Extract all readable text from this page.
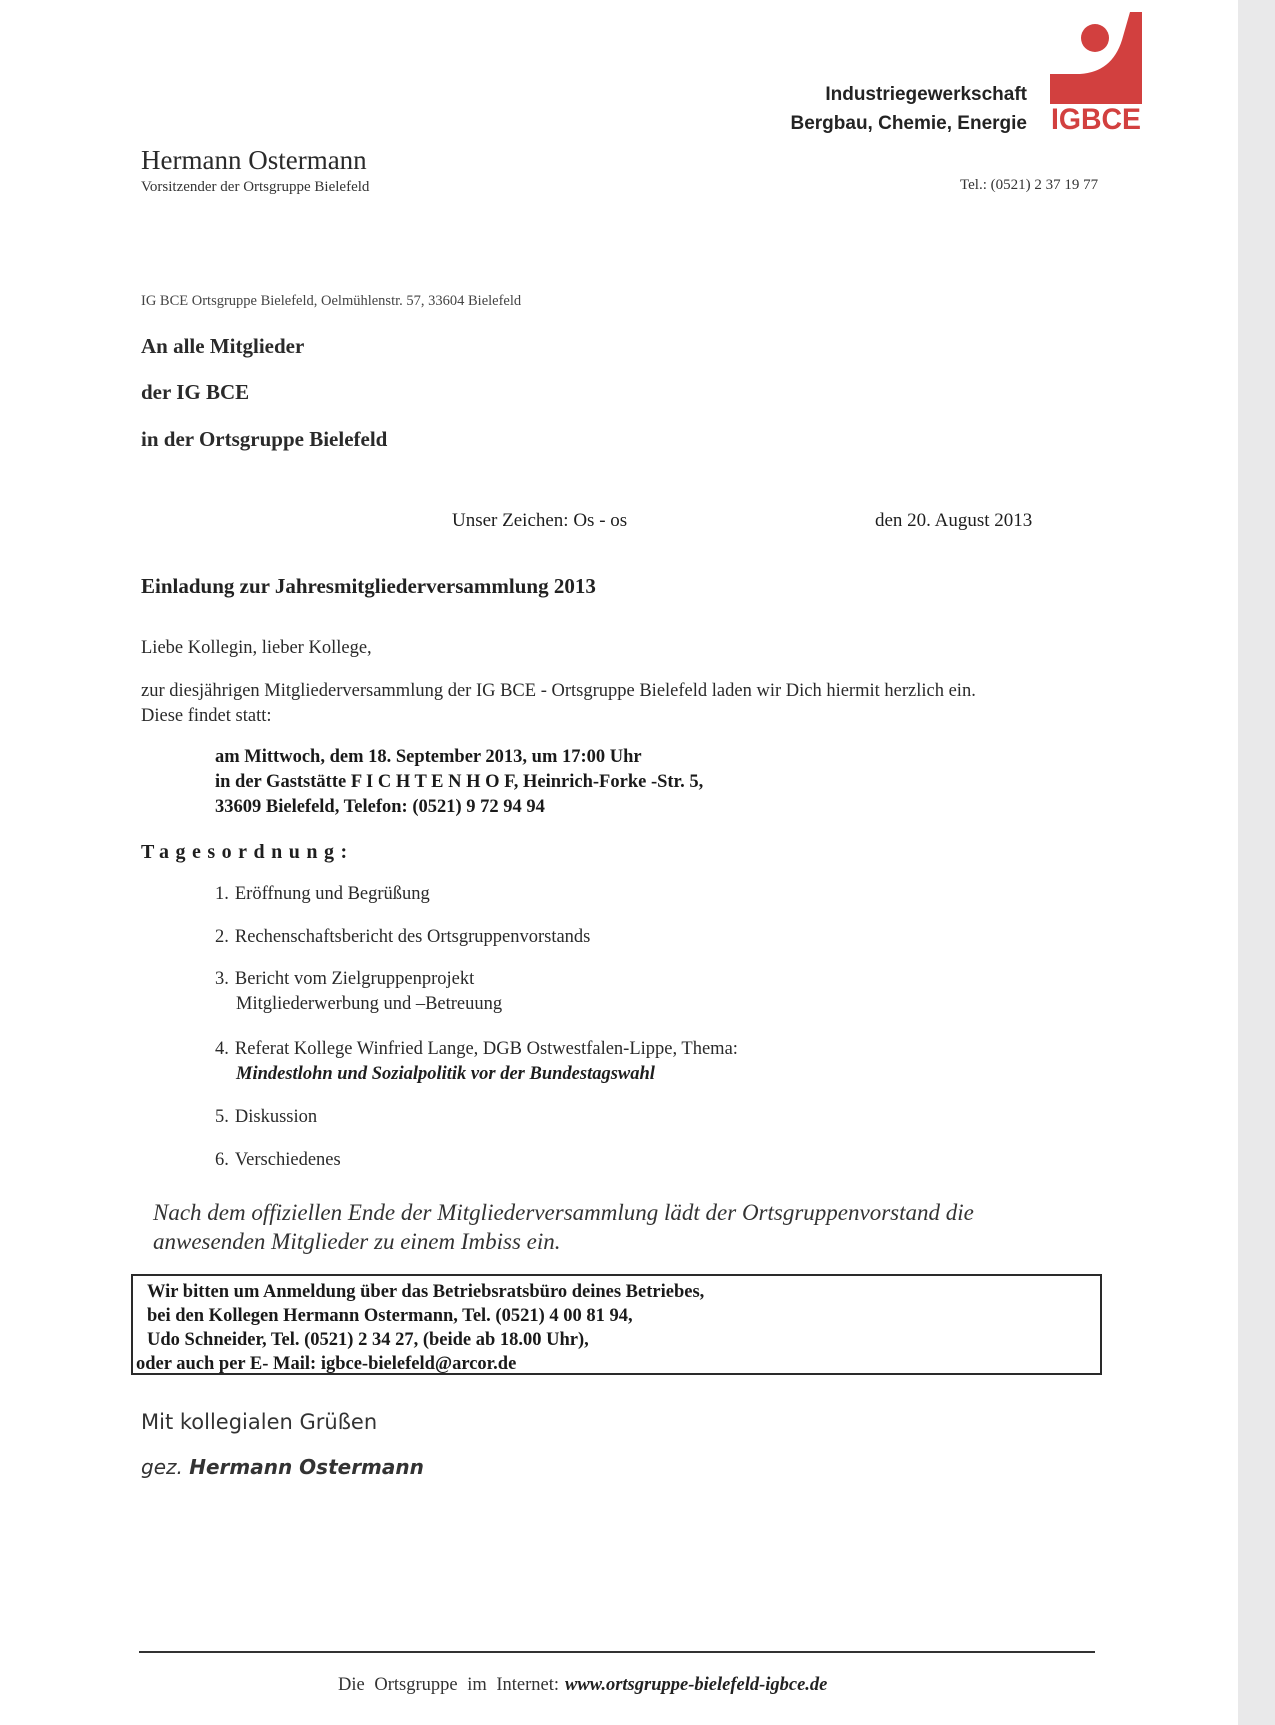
Industriegewerkschaft
Bergbau, Chemie, Energie IGBCE
Hermann Ostermann
Vorsitzender der Ortsgruppe Bielefeld	Tel.: (0521) 2 37 19 77
IG BCE Ortsgruppe Bielefeld, Oelmühlenstr. 57, 33604 Bielefeld
An alle Mitglieder
der IG BCE
in der Ortsgruppe Bielefeld
Unser Zeichen: Os - os	den 20. August 2013
Einladung zur Jahresmitgliederversammlung 2013
Liebe Kollegin, lieber Kollege,
zur diesjährigen Mitgliederversammlung der IG BCE - Ortsgruppe Bielefeld laden wir Dich hiermit herzlich ein.
Diese findet statt:
am Mittwoch, dem 18. September 2013, um 17:00 Uhr
in der Gaststätte F I C H T E N H O F, Heinrich-Forke -Str. 5,
33609 Bielefeld, Telefon: (0521) 9 72 94 94
Tagesordnung:
1. Eröffnung und Begrüßung
2. Rechenschaftsbericht des Ortsgruppenvorstands
3. Bericht vom Zielgruppenprojekt
Mitgliederwerbung und –Betreuung
4. Referat Kollege Winfried Lange, DGB Ostwestfalen-Lippe, Thema:
Mindestlohn und Sozialpolitik vor der Bundestagswahl
5. Diskussion
6. Verschiedenes
Nach dem offiziellen Ende der Mitgliederversammlung lädt der Ortsgruppenvorstand die
anwesenden Mitglieder zu einem Imbiss ein.
Wir bitten um Anmeldung über das Betriebsratsbüro deines Betriebes,
bei den Kollegen Hermann Ostermann, Tel. (0521) 4 00 81 94,
Udo Schneider, Tel. (0521) 2 34 27, (beide ab 18.00 Uhr),
oder auch per E- Mail: igbce-bielefeld@arcor.de
Mit kollegialen Grüßen
gez. Hermann Ostermann
Die Ortsgruppe im Internet: www.ortsgruppe-bielefeld-igbce.de
